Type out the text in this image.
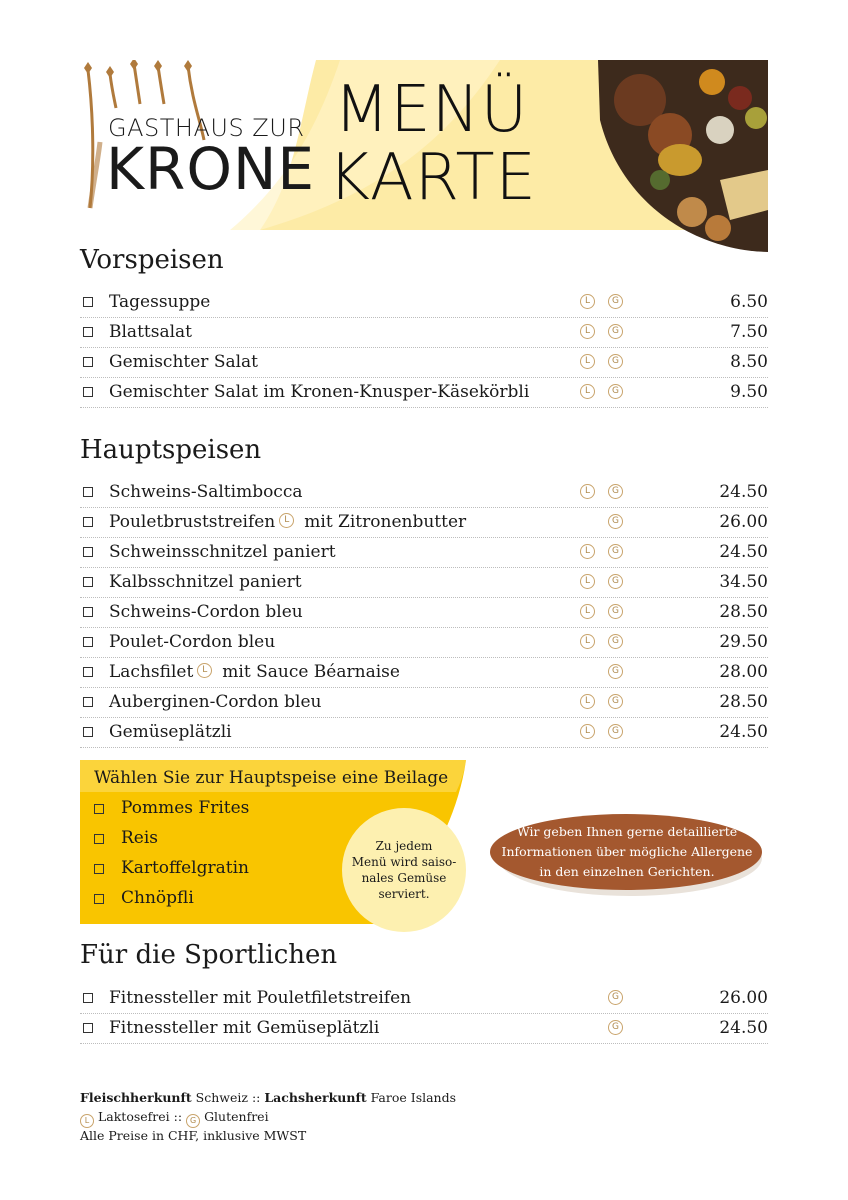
GASTHAUS ZUR
KRONE
MENÜ
KARTE
Vorspeisen
Tagessuppe	L	G	6.50
Blattsalat	L	G	7.50
Gemischter Salat	L	G	8.50
Gemischter Salat im Kronen-Knusper-Käsekörbli	L	G	9.50
Hauptspeisen
Schweins-Saltimbocca	L	G	24.50
Pouletbruststreifen L mit Zitronenbutter	G	26.00
Schweinsschnitzel paniert	L	G	24.50
Kalbsschnitzel paniert	L	G	34.50
Schweins-Cordon bleu	L	G	28.50
Poulet-Cordon bleu	L	G	29.50
Lachsfilet L mit Sauce Béarnaise	G	28.00
Auberginen-Cordon bleu	L	G	28.50
Gemüseplätzli	L	G	24.50
Wählen Sie zur Hauptspeise eine Beilage
Pommes Frites
Reis
Kartoffelgratin
Chnöpfli
Zu jedem
Menü wird saiso-
nales Gemüse
serviert.
Wir geben Ihnen gerne detaillierte
Informationen über mögliche Allergene
in den einzelnen Gerichten.
Für die Sportlichen
Fitnessteller mit Pouletfiletstreifen	G	26.00
Fitnessteller mit Gemüseplätzli	G	24.50
Fleischherkunft Schweiz :: Lachsherkunft Faroe Islands
L Laktosefrei :: G Glutenfrei
Alle Preise in CHF, inklusive MWST
